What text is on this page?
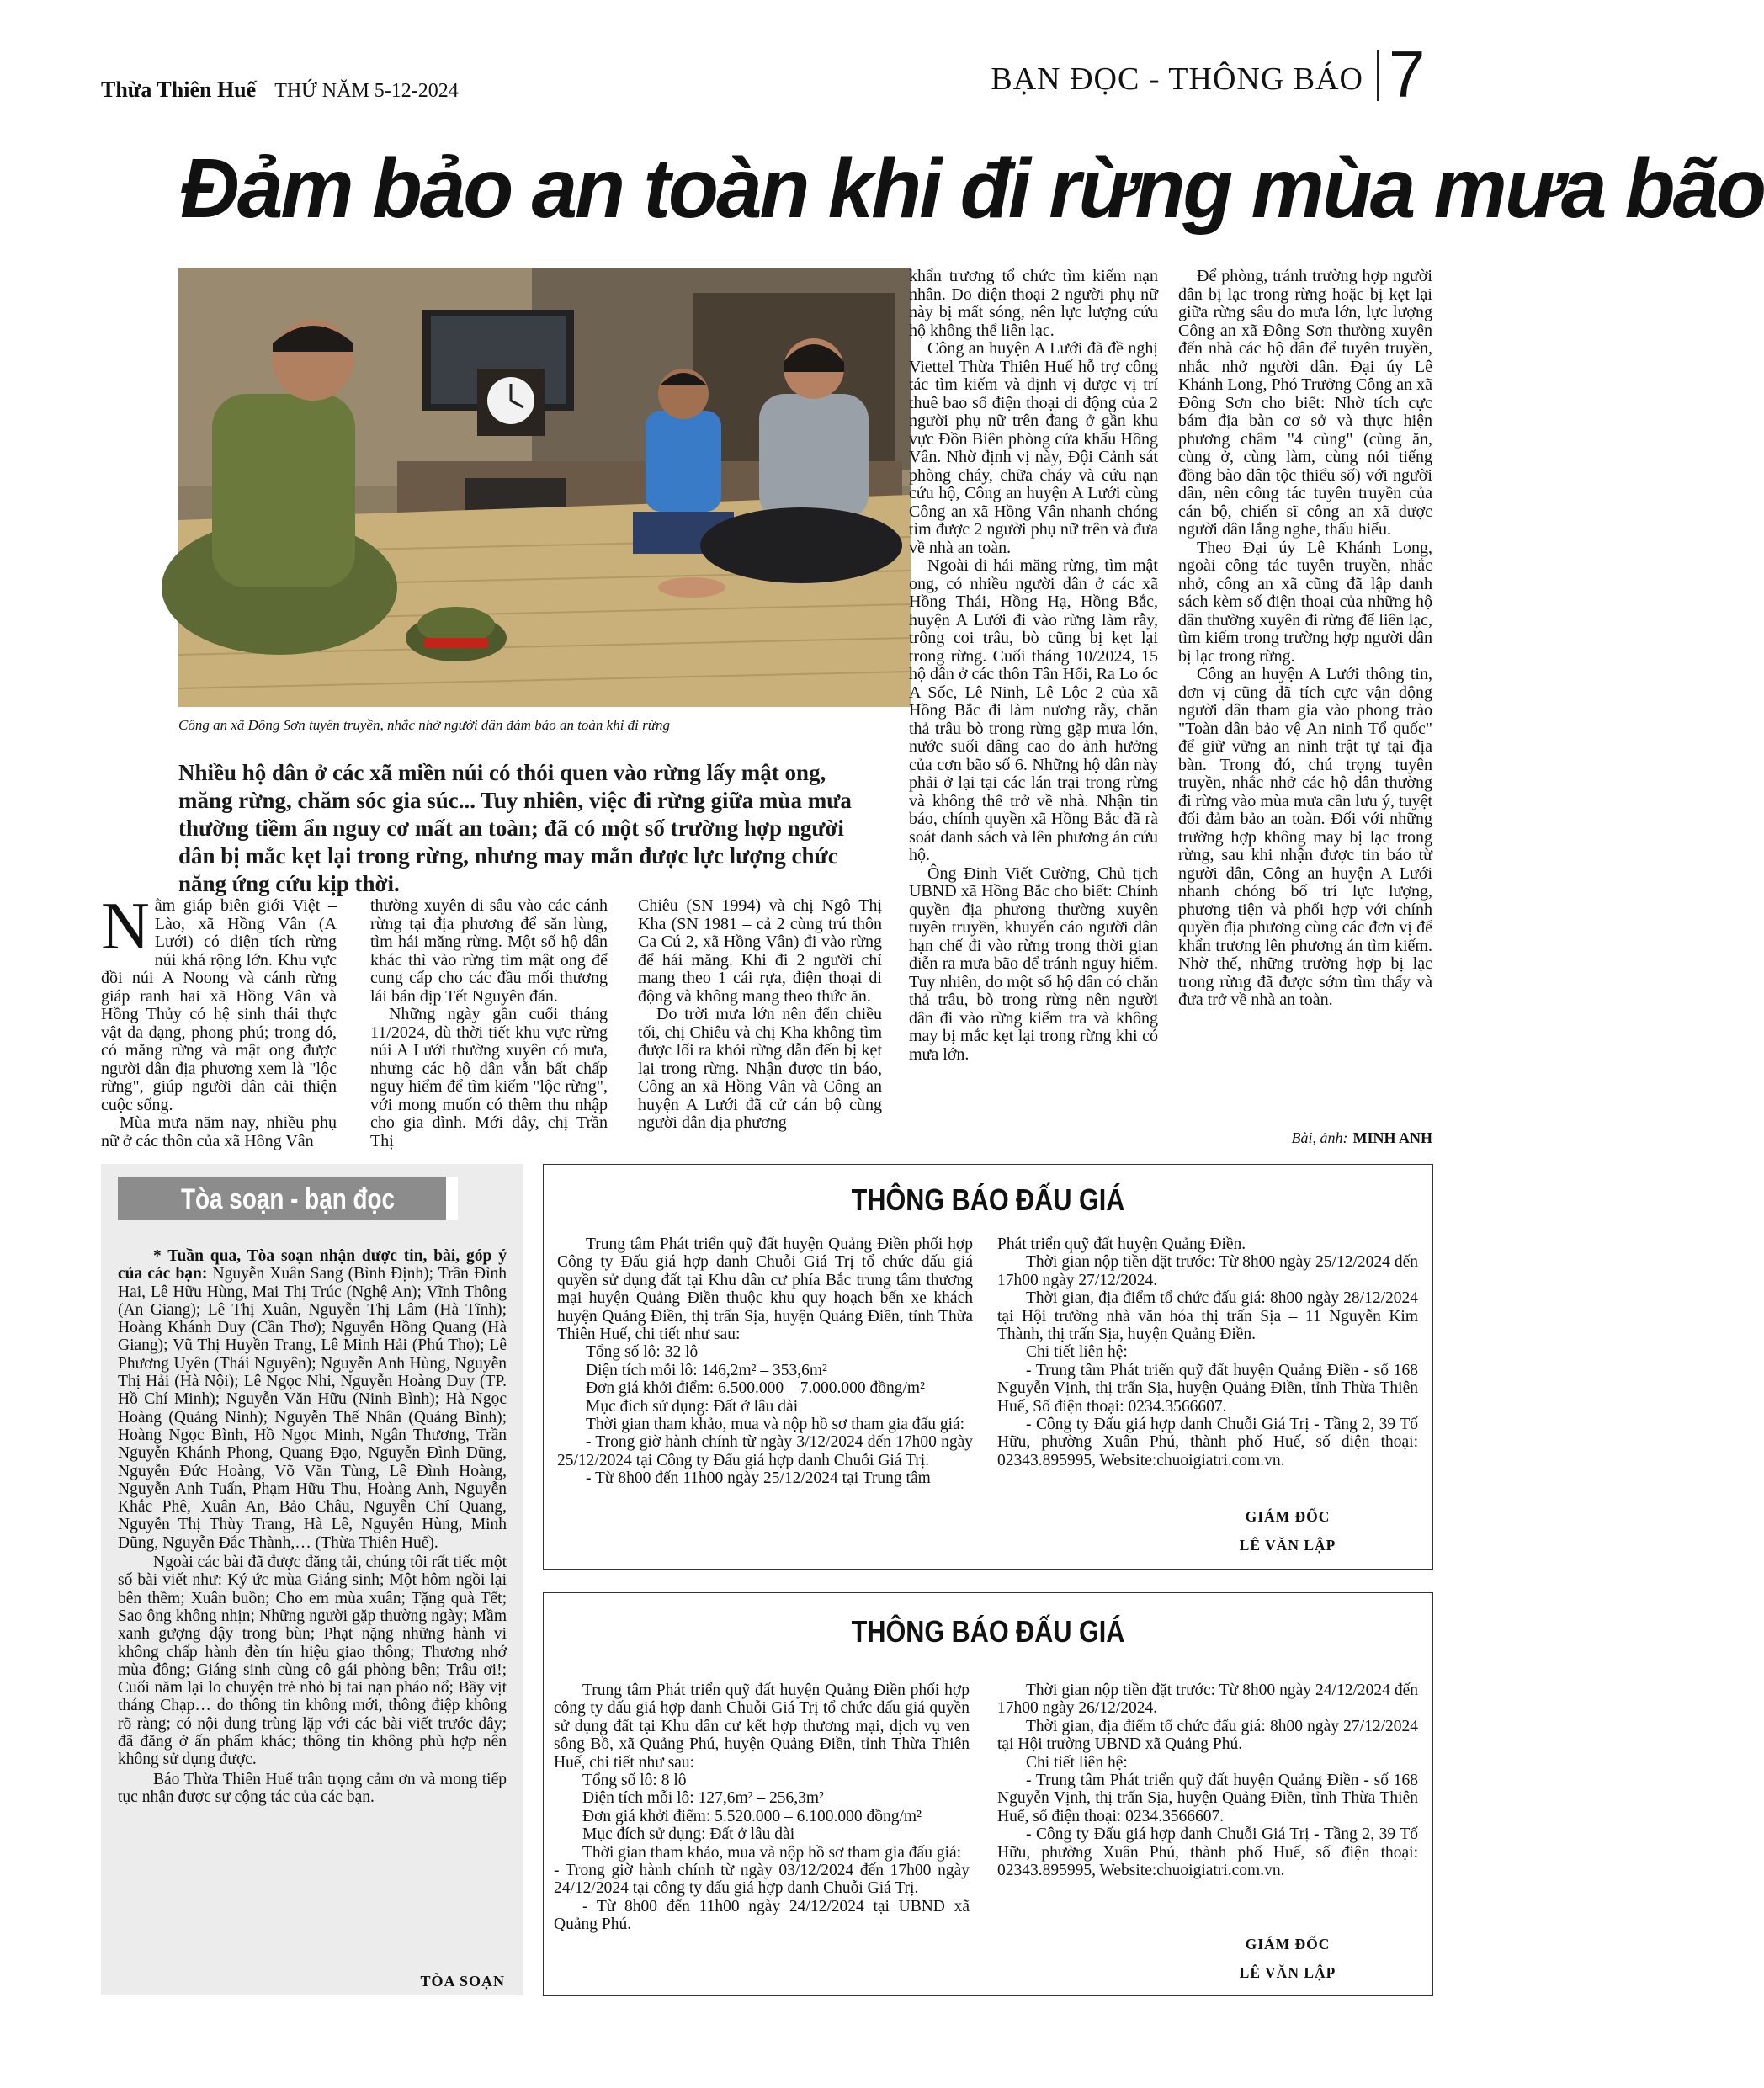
Thừa Thiên Huế THỨ NĂM 5-12-2024	BẠN ĐỌC - THÔNG BÁO 7
Đảm bảo an toàn khi đi rừng mùa mưa bão
Công an xã Đông Sơn tuyên truyền, nhắc nhở người dân đảm bảo an toàn khi đi rừng
Nhiều hộ dân ở các xã miền núi có thói quen vào rừng lấy mật ong, măng rừng, chăm sóc gia súc... Tuy nhiên, việc đi rừng giữa mùa mưa thường tiềm ẩn nguy cơ mất an toàn; đã có một số trường hợp người dân bị mắc kẹt lại trong rừng, nhưng may mắn được lực lượng chức năng ứng cứu kịp thời.

Nằm giáp biên giới Việt – Lào, xã Hồng Vân (A Lưới) có diện tích rừng núi khá rộng lớn. Khu vực đồi núi A Noong và cánh rừng giáp ranh hai xã Hồng Vân và Hồng Thủy có hệ sinh thái thực vật đa dạng, phong phú; trong đó, có măng rừng và mật ong được người dân địa phương xem là "lộc rừng", giúp người dân cải thiện cuộc sống.

Mùa mưa năm nay, nhiều phụ nữ ở các thôn của xã Hồng Vân

thường xuyên đi sâu vào các cánh rừng tại địa phương để săn lùng, tìm hái măng rừng. Một số hộ dân khác thì vào rừng tìm mật ong để cung cấp cho các đầu mối thương lái bán dịp Tết Nguyên đán.

Những ngày gần cuối tháng 11/2024, dù thời tiết khu vực rừng núi A Lưới thường xuyên có mưa, nhưng các hộ dân vẫn bất chấp nguy hiểm để tìm kiếm "lộc rừng", với mong muốn có thêm thu nhập cho gia đình. Mới đây, chị Trần Thị

Chiêu (SN 1994) và chị Ngô Thị Kha (SN 1981 – cả 2 cùng trú thôn Ca Cú 2, xã Hồng Vân) đi vào rừng để hái măng. Khi đi 2 người chỉ mang theo 1 cái rựa, điện thoại di động và không mang theo thức ăn.

Do trời mưa lớn nên đến chiều tối, chị Chiêu và chị Kha không tìm được lối ra khỏi rừng dẫn đến bị kẹt lại trong rừng. Nhận được tin báo, Công an xã Hồng Vân và Công an huyện A Lưới đã cử cán bộ cùng người dân địa phương

khẩn trương tổ chức tìm kiếm nạn nhân. Do điện thoại 2 người phụ nữ này bị mất sóng, nên lực lượng cứu hộ không thể liên lạc.

Công an huyện A Lưới đã đề nghị Viettel Thừa Thiên Huế hỗ trợ công tác tìm kiếm và định vị được vị trí thuê bao số điện thoại di động của 2 người phụ nữ trên đang ở gần khu vực Đồn Biên phòng cửa khẩu Hồng Vân. Nhờ định vị này, Đội Cảnh sát phòng cháy, chữa cháy và cứu nạn cứu hộ, Công an huyện A Lưới cùng Công an xã Hồng Vân nhanh chóng tìm được 2 người phụ nữ trên và đưa về nhà an toàn.

Ngoài đi hái măng rừng, tìm mật ong, có nhiều người dân ở các xã Hồng Thái, Hồng Hạ, Hồng Bắc, huyện A Lưới đi vào rừng làm rẫy, trông coi trâu, bò cũng bị kẹt lại trong rừng. Cuối tháng 10/2024, 15 hộ dân ở các thôn Tân Hối, Ra Lo óc A Sốc, Lê Ninh, Lê Lộc 2 của xã Hồng Bắc đi làm nương rẫy, chăn thả trâu bò trong rừng gặp mưa lớn, nước suối dâng cao do ảnh hưởng của cơn bão số 6. Những hộ dân này phải ở lại tại các lán trại trong rừng và không thể trở về nhà. Nhận tin báo, chính quyền xã Hồng Bắc đã rà soát danh sách và lên phương án cứu hộ.

Ông Đinh Viết Cường, Chủ tịch UBND xã Hồng Bắc cho biết: Chính quyền địa phương thường xuyên tuyên truyền, khuyến cáo người dân hạn chế đi vào rừng trong thời gian diễn ra mưa bão để tránh nguy hiểm. Tuy nhiên, do một số hộ dân có chăn thả trâu, bò trong rừng nên người dân đi vào rừng kiểm tra và không may bị mắc kẹt lại trong rừng khi có mưa lớn.

Để phòng, tránh trường hợp người dân bị lạc trong rừng hoặc bị kẹt lại giữa rừng sâu do mưa lớn, lực lượng Công an xã Đông Sơn thường xuyên đến nhà các hộ dân để tuyên truyền, nhắc nhở người dân. Đại úy Lê Khánh Long, Phó Trưởng Công an xã Đông Sơn cho biết: Nhờ tích cực bám địa bàn cơ sở và thực hiện phương châm "4 cùng" (cùng ăn, cùng ở, cùng làm, cùng nói tiếng đồng bào dân tộc thiểu số) với người dân, nên công tác tuyên truyền của cán bộ, chiến sĩ công an xã được người dân lắng nghe, thấu hiểu.

Theo Đại úy Lê Khánh Long, ngoài công tác tuyên truyền, nhắc nhở, công an xã cũng đã lập danh sách kèm số điện thoại của những hộ dân thường xuyên đi rừng để liên lạc, tìm kiếm trong trường hợp người dân bị lạc trong rừng.

Công an huyện A Lưới thông tin, đơn vị cũng đã tích cực vận động người dân tham gia vào phong trào "Toàn dân bảo vệ An ninh Tổ quốc" để giữ vững an ninh trật tự tại địa bàn. Trong đó, chú trọng tuyên truyền, nhắc nhở các hộ dân thường đi rừng vào mùa mưa cần lưu ý, tuyệt đối đảm bảo an toàn. Đối với những trường hợp không may bị lạc trong rừng, sau khi nhận được tin báo từ người dân, Công an huyện A Lưới nhanh chóng bố trí lực lượng, phương tiện và phối hợp với chính quyền địa phương cùng các đơn vị để khẩn trương lên phương án tìm kiếm. Nhờ thế, những trường hợp bị lạc trong rừng đã được sớm tìm thấy và đưa trở về nhà an toàn.

Bài, ảnh: MINH ANH
Tòa soạn - bạn đọc

* Tuần qua, Tòa soạn nhận được tin, bài, góp ý của các bạn: Nguyễn Xuân Sang (Bình Định); Trần Đình Hai, Lê Hữu Hùng, Mai Thị Trúc (Nghệ An); Vĩnh Thông (An Giang); Lê Thị Xuân, Nguyễn Thị Lâm (Hà Tĩnh); Hoàng Khánh Duy (Cần Thơ); Nguyễn Hồng Quang (Hà Giang); Vũ Thị Huyền Trang, Lê Minh Hải (Phú Thọ); Lê Phương Uyên (Thái Nguyên); Nguyễn Anh Hùng, Nguyễn Thị Hải (Hà Nội); Lê Ngọc Nhi, Nguyễn Hoàng Duy (TP. Hồ Chí Minh); Nguyễn Văn Hữu (Ninh Bình); Hà Ngọc Hoàng (Quảng Ninh); Nguyễn Thế Nhân (Quảng Bình); Hoàng Ngọc Bình, Hồ Ngọc Minh, Ngân Thương, Trần Nguyễn Khánh Phong, Quang Đạo, Nguyễn Đình Dũng, Nguyễn Đức Hoàng, Võ Văn Tùng, Lê Đình Hoàng, Nguyễn Anh Tuấn, Phạm Hữu Thu, Hoàng Anh, Nguyễn Khắc Phê, Xuân An, Bảo Châu, Nguyễn Chí Quang, Nguyễn Thị Thùy Trang, Hà Lê, Nguyễn Hùng, Minh Dũng, Nguyễn Đắc Thành,… (Thừa Thiên Huế).

Ngoài các bài đã được đăng tải, chúng tôi rất tiếc một số bài viết như: Ký ức mùa Giáng sinh; Một hôm ngồi lại bên thềm; Xuân buồn; Cho em mùa xuân; Tặng quà Tết; Sao ông không nhịn; Những người gặp thường ngày; Mầm xanh gượng dậy trong bùn; Phạt nặng những hành vi không chấp hành đèn tín hiệu giao thông; Thương nhớ mùa đông; Giáng sinh cùng cô gái phòng bên; Trâu ơi!; Cuối năm lại lo chuyện trẻ nhỏ bị tai nạn pháo nổ; Bầy vịt tháng Chạp… do thông tin không mới, thông điệp không rõ ràng; có nội dung trùng lặp với các bài viết trước đây; đã đăng ở ấn phẩm khác; thông tin không phù hợp nên không sử dụng được.

Báo Thừa Thiên Huế trân trọng cảm ơn và mong tiếp tục nhận được sự cộng tác của các bạn.

TÒA SOẠN
THÔNG BÁO ĐẤU GIÁ

Trung tâm Phát triển quỹ đất huyện Quảng Điền phối hợp Công ty Đấu giá hợp danh Chuỗi Giá Trị tổ chức đấu giá quyền sử dụng đất tại Khu dân cư phía Bắc trung tâm thương mại huyện Quảng Điền thuộc khu quy hoạch bến xe khách huyện Quảng Điền, thị trấn Sịa, huyện Quảng Điền, tỉnh Thừa Thiên Huế, chi tiết như sau:

Tổng số lô: 32 lô

Diện tích mỗi lô: 146,2m² – 353,6m²

Đơn giá khởi điểm: 6.500.000 – 7.000.000 đồng/m²

Mục đích sử dụng: Đất ở lâu dài

Thời gian tham khảo, mua và nộp hồ sơ tham gia đấu giá:

- Trong giờ hành chính từ ngày 3/12/2024 đến 17h00 ngày 25/12/2024 tại Công ty Đấu giá hợp danh Chuỗi Giá Trị.

- Từ 8h00 đến 11h00 ngày 25/12/2024 tại Trung tâm

Phát triển quỹ đất huyện Quảng Điền.

Thời gian nộp tiền đặt trước: Từ 8h00 ngày 25/12/2024 đến 17h00 ngày 27/12/2024.

Thời gian, địa điểm tổ chức đấu giá: 8h00 ngày 28/12/2024 tại Hội trường nhà văn hóa thị trấn Sịa – 11 Nguyễn Kim Thành, thị trấn Sịa, huyện Quảng Điền.

Chi tiết liên hệ:

- Trung tâm Phát triển quỹ đất huyện Quảng Điền - số 168 Nguyễn Vịnh, thị trấn Sịa, huyện Quảng Điền, tỉnh Thừa Thiên Huế, Số điện thoại: 0234.3566607.

- Công ty Đấu giá hợp danh Chuỗi Giá Trị - Tầng 2, 39 Tố Hữu, phường Xuân Phú, thành phố Huế, số điện thoại: 02343.895995, Website:chuoigiatri.com.vn.

GIÁM ĐỐC
LÊ VĂN LẬP
THÔNG BÁO ĐẤU GIÁ

Trung tâm Phát triển quỹ đất huyện Quảng Điền phối hợp công ty đấu giá hợp danh Chuỗi Giá Trị tổ chức đấu giá quyền sử dụng đất tại Khu dân cư kết hợp thương mại, dịch vụ ven sông Bồ, xã Quảng Phú, huyện Quảng Điền, tỉnh Thừa Thiên Huế, chi tiết như sau:

Tổng số lô: 8 lô

Diện tích mỗi lô: 127,6m² – 256,3m²

Đơn giá khởi điểm: 5.520.000 – 6.100.000 đồng/m²

Mục đích sử dụng: Đất ở lâu dài

Thời gian tham khảo, mua và nộp hồ sơ tham gia đấu giá:

- Trong giờ hành chính từ ngày 03/12/2024 đến 17h00 ngày 24/12/2024 tại công ty đấu giá hợp danh Chuỗi Giá Trị.

- Từ 8h00 đến 11h00 ngày 24/12/2024 tại UBND xã Quảng Phú.

Thời gian nộp tiền đặt trước: Từ 8h00 ngày 24/12/2024 đến 17h00 ngày 26/12/2024.

Thời gian, địa điểm tổ chức đấu giá: 8h00 ngày 27/12/2024 tại Hội trường UBND xã Quảng Phú.

Chi tiết liên hệ:

- Trung tâm Phát triển quỹ đất huyện Quảng Điền - số 168 Nguyễn Vịnh, thị trấn Sịa, huyện Quảng Điền, tỉnh Thừa Thiên Huế, số điện thoại: 0234.3566607.

- Công ty Đấu giá hợp danh Chuỗi Giá Trị - Tầng 2, 39 Tố Hữu, phường Xuân Phú, thành phố Huế, số điện thoại: 02343.895995, Website:chuoigiatri.com.vn.

GIÁM ĐỐC
LÊ VĂN LẬP
